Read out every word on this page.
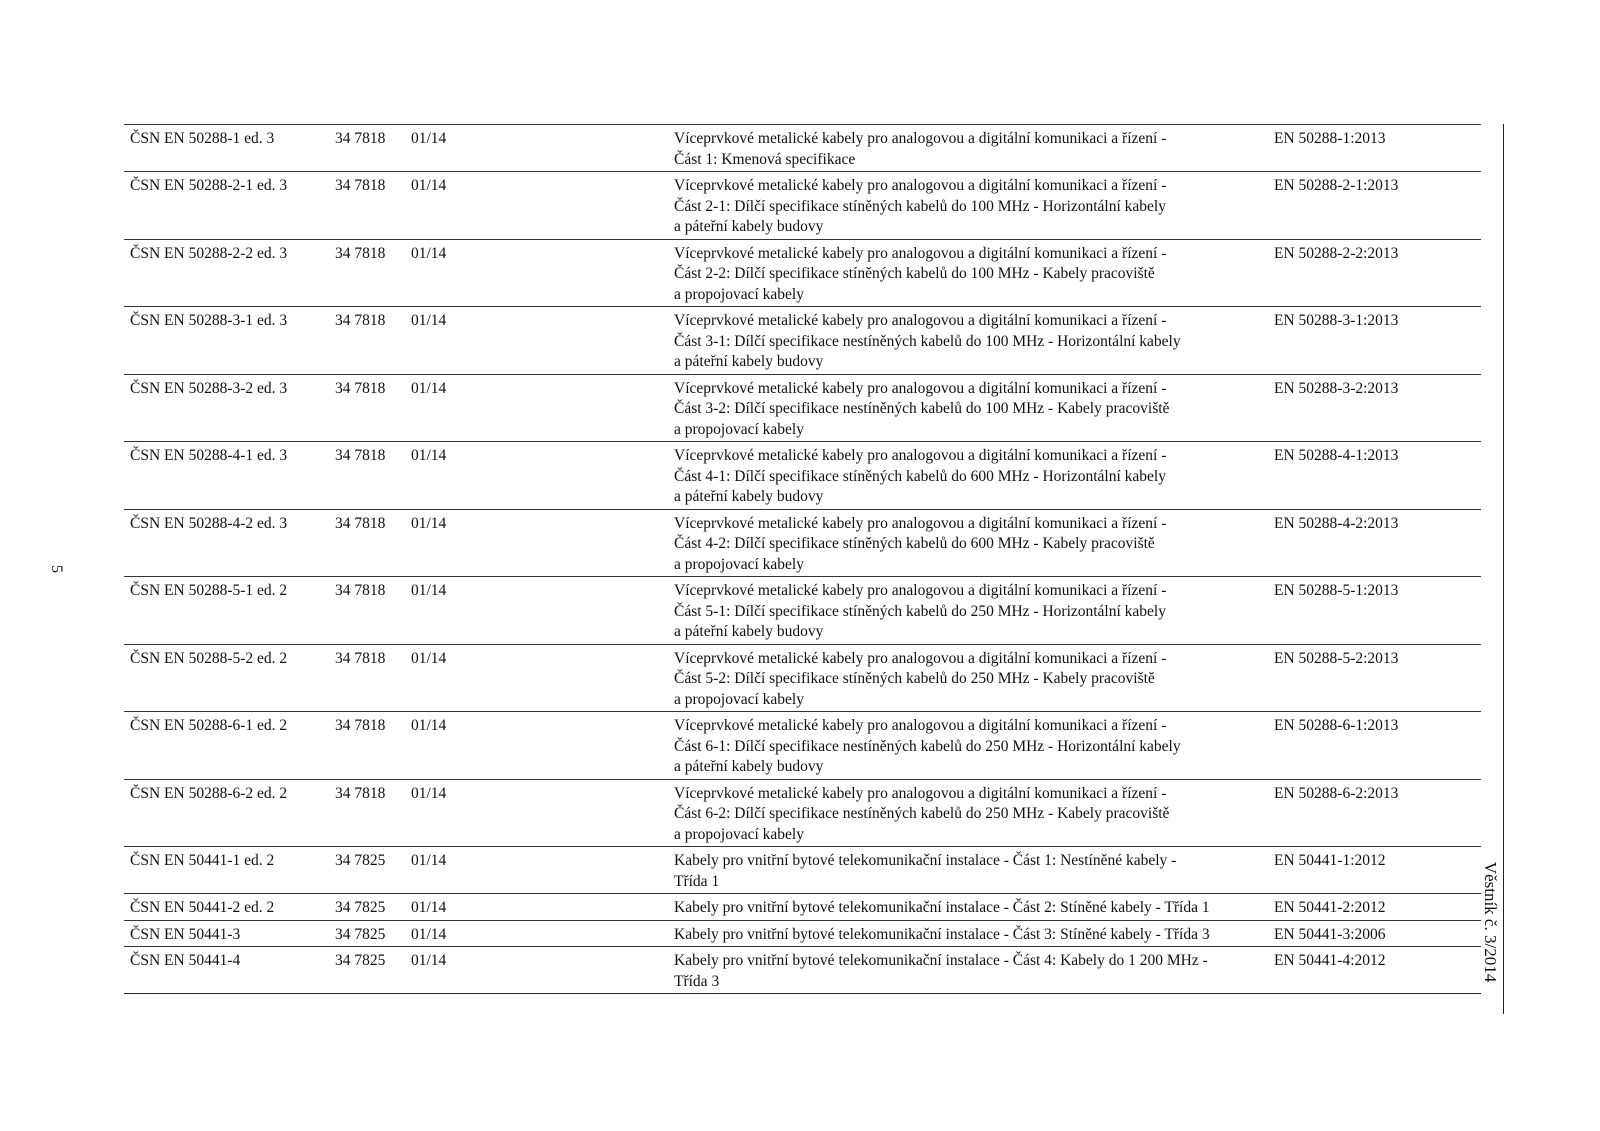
5
Věstník č. 3/2014
ČSN EN 50288-1 ed. 3	34 7818	01/14	Víceprvkové metalické kabely pro analogovou a digitální komunikaci a řízení -
Část 1: Kmenová specifikace	EN 50288-1:2013
ČSN EN 50288-2-1 ed. 3	34 7818	01/14	Víceprvkové metalické kabely pro analogovou a digitální komunikaci a řízení -
Část 2-1: Dílčí specifikace stíněných kabelů do 100 MHz - Horizontální kabely
a páteřní kabely budovy	EN 50288-2-1:2013
ČSN EN 50288-2-2 ed. 3	34 7818	01/14	Víceprvkové metalické kabely pro analogovou a digitální komunikaci a řízení -
Část 2-2: Dílčí specifikace stíněných kabelů do 100 MHz - Kabely pracoviště
a propojovací kabely	EN 50288-2-2:2013
ČSN EN 50288-3-1 ed. 3	34 7818	01/14	Víceprvkové metalické kabely pro analogovou a digitální komunikaci a řízení -
Část 3-1: Dílčí specifikace nestíněných kabelů do 100 MHz - Horizontální kabely
a páteřní kabely budovy	EN 50288-3-1:2013
ČSN EN 50288-3-2 ed. 3	34 7818	01/14	Víceprvkové metalické kabely pro analogovou a digitální komunikaci a řízení -
Část 3-2: Dílčí specifikace nestíněných kabelů do 100 MHz - Kabely pracoviště
a propojovací kabely	EN 50288-3-2:2013
ČSN EN 50288-4-1 ed. 3	34 7818	01/14	Víceprvkové metalické kabely pro analogovou a digitální komunikaci a řízení -
Část 4-1: Dílčí specifikace stíněných kabelů do 600 MHz - Horizontální kabely
a páteřní kabely budovy	EN 50288-4-1:2013
ČSN EN 50288-4-2 ed. 3	34 7818	01/14	Víceprvkové metalické kabely pro analogovou a digitální komunikaci a řízení -
Část 4-2: Dílčí specifikace stíněných kabelů do 600 MHz - Kabely pracoviště
a propojovací kabely	EN 50288-4-2:2013
ČSN EN 50288-5-1 ed. 2	34 7818	01/14	Víceprvkové metalické kabely pro analogovou a digitální komunikaci a řízení -
Část 5-1: Dílčí specifikace stíněných kabelů do 250 MHz - Horizontální kabely
a páteřní kabely budovy	EN 50288-5-1:2013
ČSN EN 50288-5-2 ed. 2	34 7818	01/14	Víceprvkové metalické kabely pro analogovou a digitální komunikaci a řízení -
Část 5-2: Dílčí specifikace stíněných kabelů do 250 MHz - Kabely pracoviště
a propojovací kabely	EN 50288-5-2:2013
ČSN EN 50288-6-1 ed. 2	34 7818	01/14	Víceprvkové metalické kabely pro analogovou a digitální komunikaci a řízení -
Část 6-1: Dílčí specifikace nestíněných kabelů do 250 MHz - Horizontální kabely
a páteřní kabely budovy	EN 50288-6-1:2013
ČSN EN 50288-6-2 ed. 2	34 7818	01/14	Víceprvkové metalické kabely pro analogovou a digitální komunikaci a řízení -
Část 6-2: Dílčí specifikace nestíněných kabelů do 250 MHz - Kabely pracoviště
a propojovací kabely	EN 50288-6-2:2013
ČSN EN 50441-1 ed. 2	34 7825	01/14	Kabely pro vnitřní bytové telekomunikační instalace - Část 1: Nestíněné kabely -
Třída 1	EN 50441-1:2012
ČSN EN 50441-2 ed. 2	34 7825	01/14	Kabely pro vnitřní bytové telekomunikační instalace - Část 2: Stíněné kabely - Třída 1	EN 50441-2:2012
ČSN EN 50441-3	34 7825	01/14	Kabely pro vnitřní bytové telekomunikační instalace - Část 3: Stíněné kabely - Třída 3	EN 50441-3:2006
ČSN EN 50441-4	34 7825	01/14	Kabely pro vnitřní bytové telekomunikační instalace - Část 4: Kabely do 1 200 MHz -
Třída 3	EN 50441-4:2012
